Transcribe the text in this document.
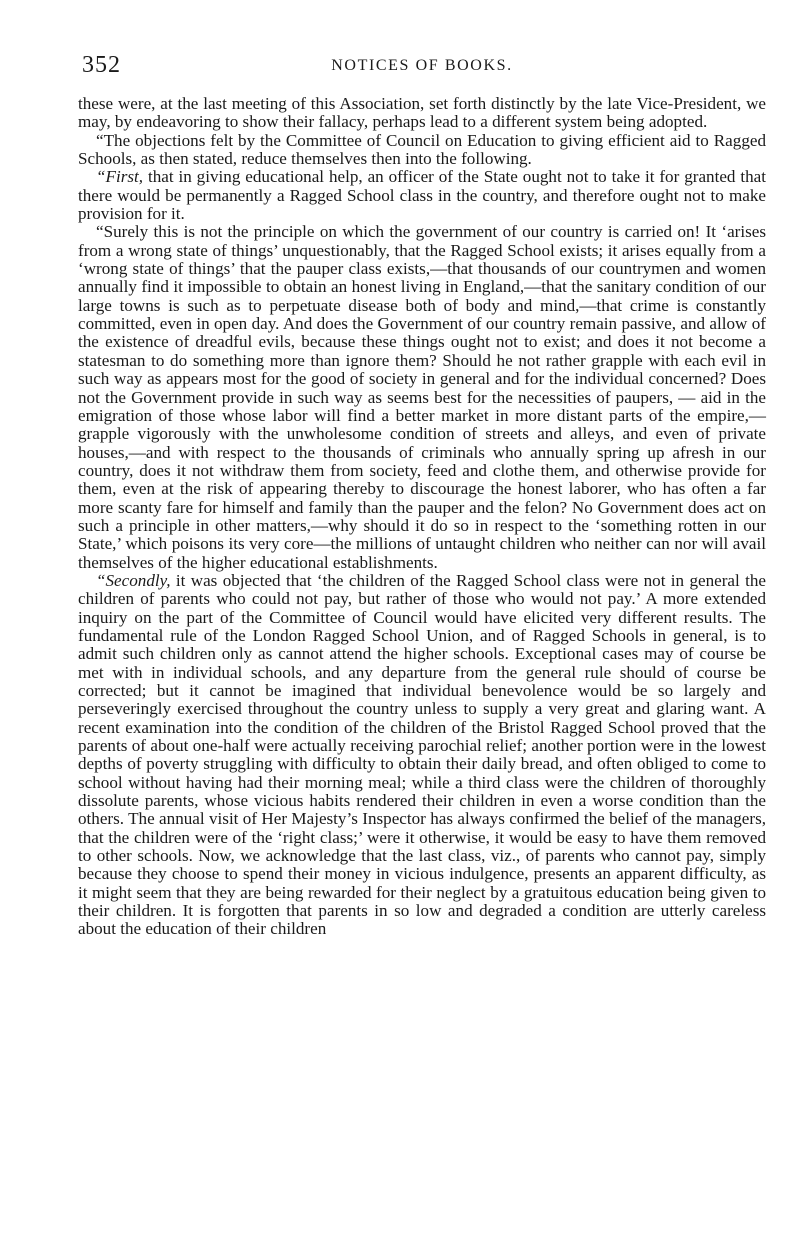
352	NOTICES OF BOOKS.

these were, at the last meeting of this Association, set forth distinctly by the late Vice-President, we may, by endeavoring to show their fallacy, perhaps lead to a different system being adopted.

“The objections felt by the Committee of Council on Education to giving efficient aid to Ragged Schools, as then stated, reduce themselves then into the following.

“First, that in giving educational help, an officer of the State ought not to take it for granted that there would be permanently a Ragged School class in the country, and therefore ought not to make provision for it.

“Surely this is not the principle on which the government of our country is carried on! It ‘arises from a wrong state of things’ unquestionably, that the Ragged School exists; it arises equally from a ‘wrong state of things’ that the pauper class exists,—that thousands of our countrymen and women annually find it impossible to obtain an honest living in England,—that the sanitary condition of our large towns is such as to perpetuate disease both of body and mind,—that crime is constantly committed, even in open day. And does the Government of our country remain passive, and allow of the existence of dreadful evils, because these things ought not to exist; and does it not become a statesman to do something more than ignore them? Should he not rather grapple with each evil in such way as appears most for the good of society in general and for the individual concerned? Does not the Government provide in such way as seems best for the necessities of paupers, — aid in the emigration of those whose labor will find a better market in more distant parts of the empire,—grapple vigorously with the unwholesome condition of streets and alleys, and even of private houses,—and with respect to the thousands of criminals who annually spring up afresh in our country, does it not withdraw them from society, feed and clothe them, and otherwise provide for them, even at the risk of appearing thereby to discourage the honest laborer, who has often a far more scanty fare for himself and family than the pauper and the felon? No Government does act on such a principle in other matters,—why should it do so in respect to the ‘something rotten in our State,’ which poisons its very core—the millions of untaught children who neither can nor will avail themselves of the higher educational establishments.

“Secondly, it was objected that ‘the children of the Ragged School class were not in general the children of parents who could not pay, but rather of those who would not pay.’ A more extended inquiry on the part of the Committee of Council would have elicited very different results. The fundamental rule of the London Ragged School Union, and of Ragged Schools in general, is to admit such children only as cannot attend the higher schools. Exceptional cases may of course be met with in individual schools, and any departure from the general rule should of course be corrected; but it cannot be imagined that individual benevolence would be so largely and perseveringly exercised throughout the country unless to supply a very great and glaring want. A recent examination into the condition of the children of the Bristol Ragged School proved that the parents of about one-half were actually receiving parochial relief; another portion were in the lowest depths of poverty struggling with difficulty to obtain their daily bread, and often obliged to come to school without having had their morning meal; while a third class were the children of thoroughly dissolute parents, whose vicious habits rendered their children in even a worse condition than the others. The annual visit of Her Majesty’s Inspector has always confirmed the belief of the managers, that the children were of the ‘right class;’ were it otherwise, it would be easy to have them removed to other schools. Now, we acknowledge that the last class, viz., of parents who cannot pay, simply because they choose to spend their money in vicious indulgence, presents an apparent difficulty, as it might seem that they are being rewarded for their neglect by a gratuitous education being given to their children. It is forgotten that parents in so low and degraded a condition are utterly careless about the education of their children
